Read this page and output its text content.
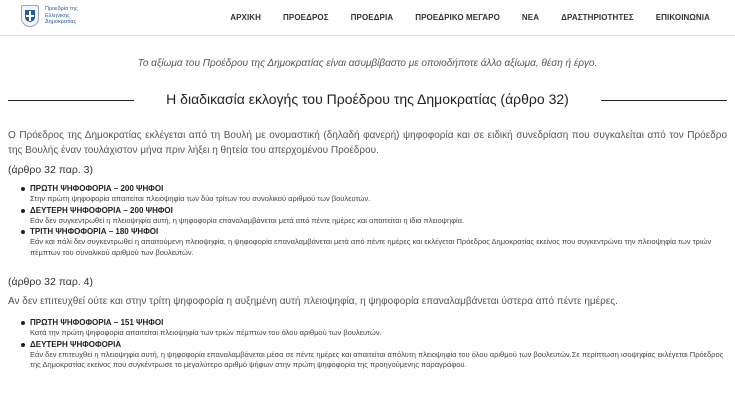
Προεδρία της Ελληνικής Δημοκρατίας
ΑΡΧΙΚΗ	ΠΡΟΕΔΡΟΣ	ΠΡΟΕΔΡΙΑ	ΠΡΟΕΔΡΙΚΟ ΜΕΓΑΡΟ	ΝΕΑ	ΔΡΑΣΤΗΡΙΟΤΗΤΕΣ	ΕΠΙΚΟΙΝΩΝΙΑ

Το αξίωμα του Προέδρου της Δημοκρατίας είναι ασυμβίβαστο με οποιοδήποτε άλλο αξίωμα, θέση ή έργο.

Η διαδικασία εκλογής του Προέδρου της Δημοκρατίας (άρθρο 32)

Ο Πρόεδρος της Δημοκρατίας εκλέγεται από τη Βουλή με ονομαστική (δηλαδή φανερή) ψηφοφορία και σε ειδική συνεδρίαση που συγκαλείται από τον Πρόεδρο της Βουλής έναν τουλάχιστον μήνα πριν λήξει η θητεία του απερχομένου Προέδρου.

(άρθρο 32 παρ. 3)
ΠΡΩΤΗ ΨΗΦΟΦΟΡΙΑ – 200 ΨΗΦΟΙ
Στην πρώτη ψηφοφορία απαιτείται πλειοψηφία των δύο τρίτων του συνολικού αριθμού των βουλευτών.
ΔΕΥΤΕΡΗ ΨΗΦΟΦΟΡΙΑ – 200 ΨΗΦΟΙ
Εάν δεν συγκεντρωθεί η πλειοψηφία αυτή, η ψηφοφορία επαναλαμβάνεται μετά από πέντε ημέρες και απαιτείται η ίδια πλειοψηφία.
ΤΡΙΤΗ ΨΗΦΟΦΟΡΙΑ – 180 ΨΗΦΟΙ
Εάν και πάλι δεν συγκεντρωθεί η απαιτούμενη πλειοψηφία, η ψηφοφορία επαναλαμβάνεται μετά από πέντε ημέρες και εκλέγεται Πρόεδρος Δημοκρατίας εκείνος που συγκεντρώνει την πλειοψηφία των τριών πέμπτων του συνολικού αριθμού των βουλευτών.
(άρθρο 32 παρ. 4)

Αν δεν επιτευχθεί ούτε και στην τρίτη ψηφοφορία η αυξημένη αυτή πλειοψηφία, η ψηφοφορία επαναλαμβάνεται ύστερα από πέντε ημέρες.

ΠΡΩΤΗ ΨΗΦΟΦΟΡΙΑ – 151 ΨΗΦΟΙ
Κατά την πρώτη ψηφοφορία απαιτείται πλειοψηφία των τριών πέμπτων του όλου αριθμού των βουλευτών.
ΔΕΥΤΕΡΗ ΨΗΦΟΦΟΡΙΑ
Εάν δεν επιτευχθεί η πλειοψηφία αυτή, η ψηφοφορία επαναλαμβάνεται μέσα σε πέντε ημέρες και απαιτείται απόλυτη πλειοψηφία του όλου αριθμού των βουλευτών.Σε περίπτωση ισοψηφίας εκλέγεται Πρόεδρος της Δημοκρατίας εκείνος που συγκέντρωσε το μεγαλύτερο αριθμό ψήφων στην πρώτη ψηφοφορία της προηγούμενης παραγράφου.
